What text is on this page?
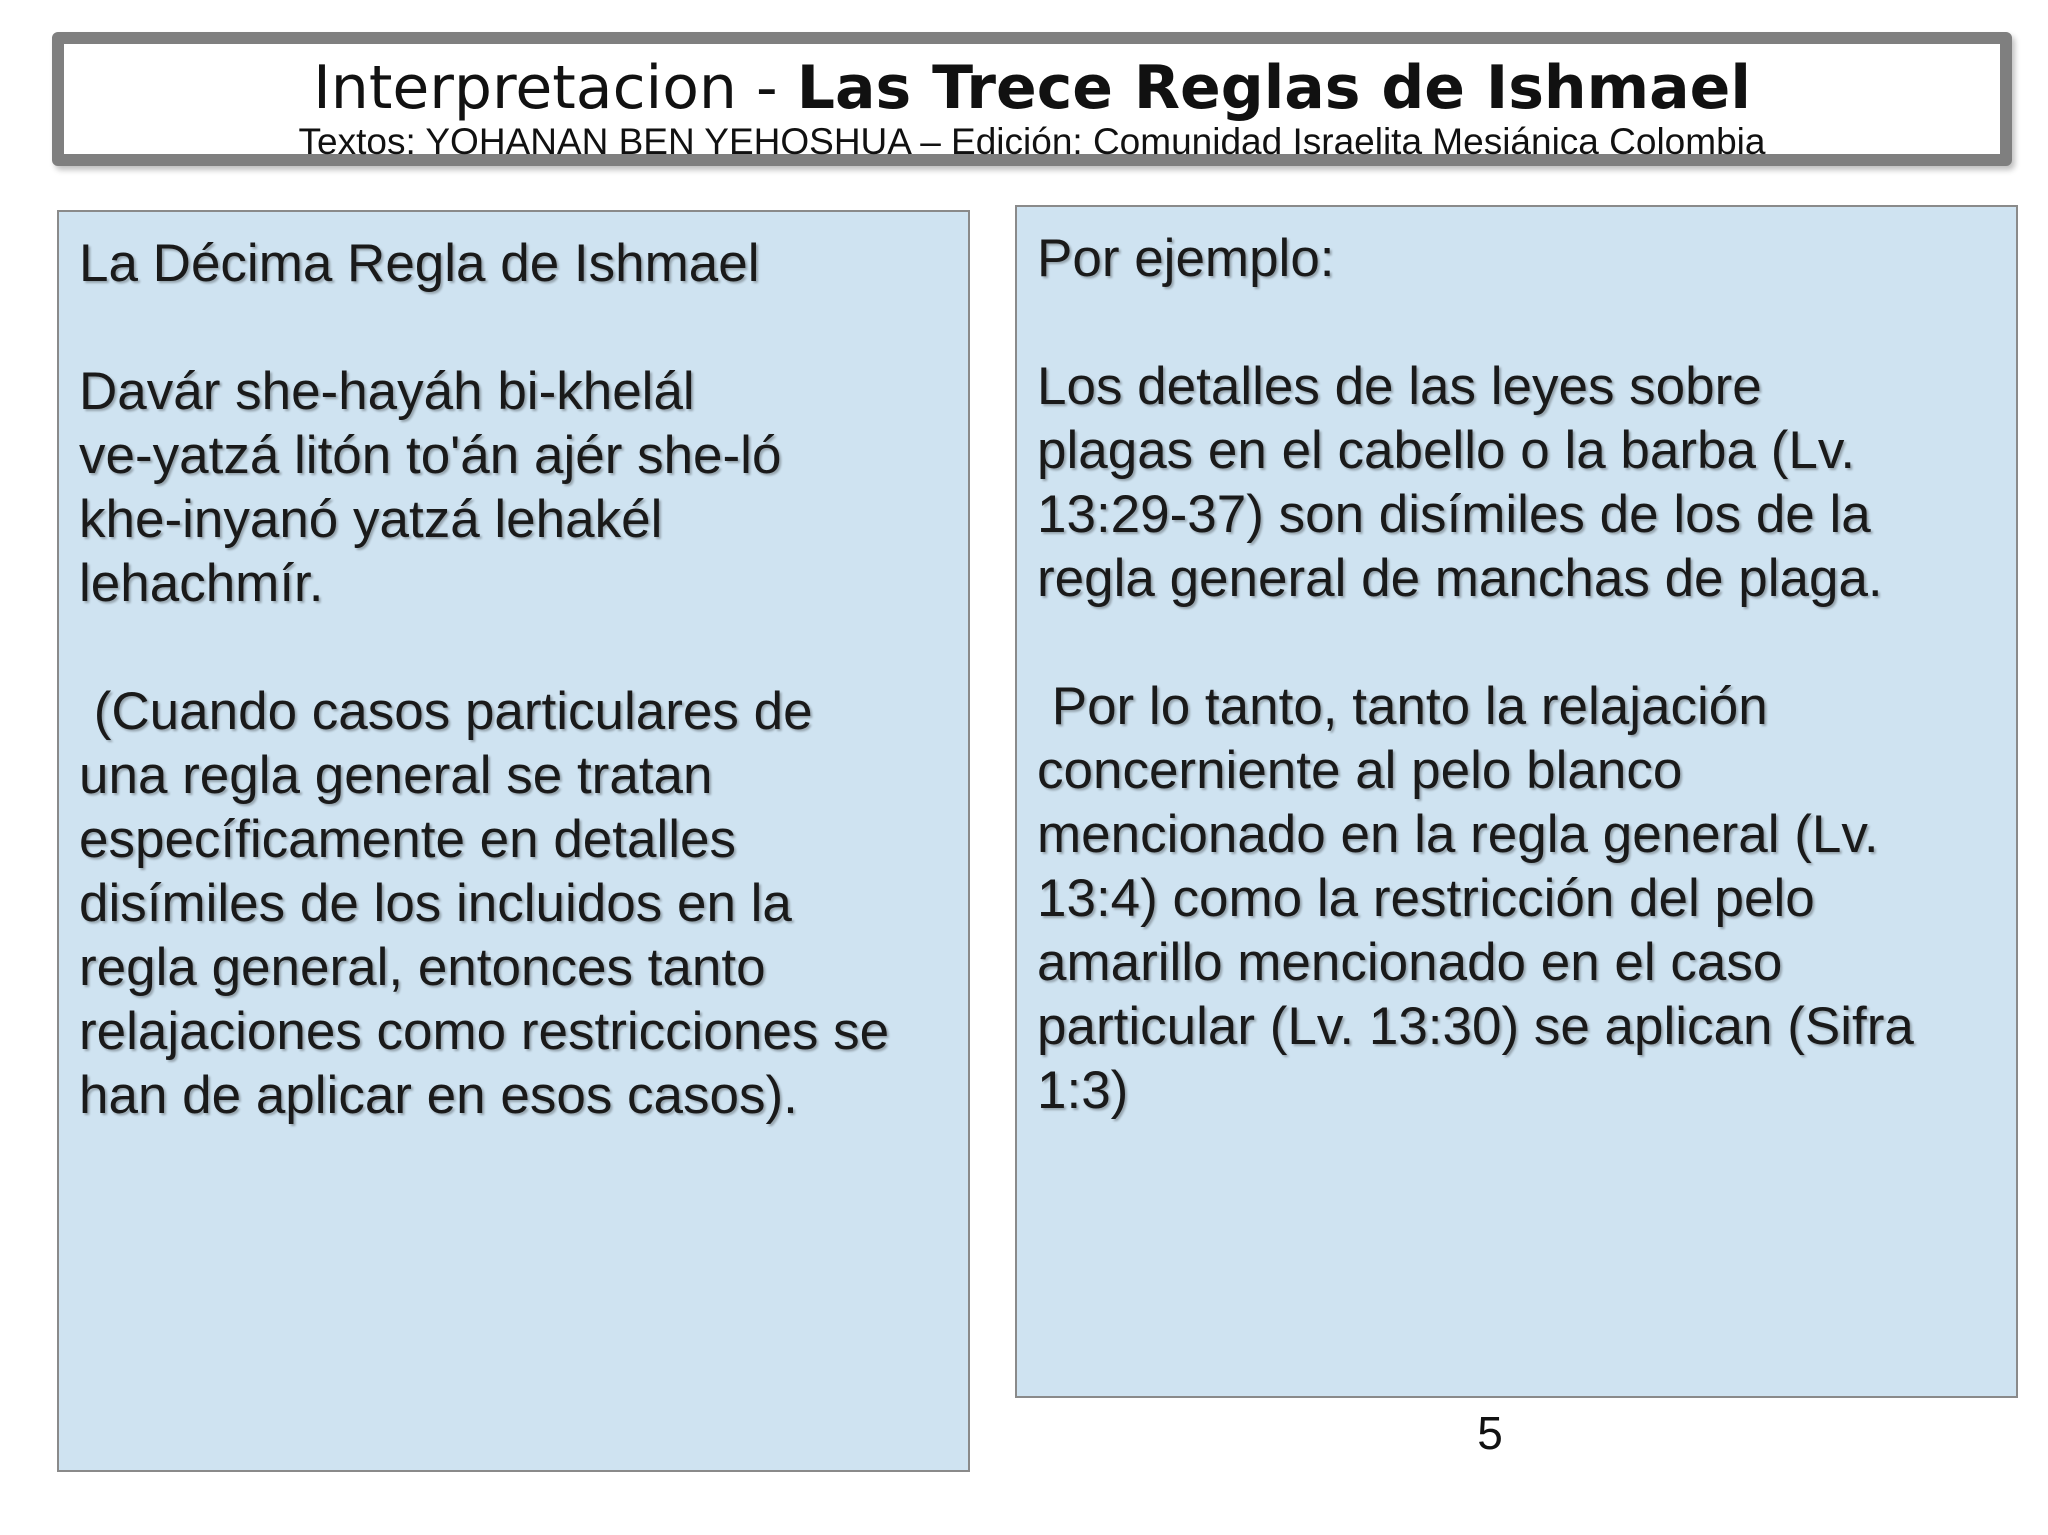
Interpretacion - Las Trece Reglas de Ishmael
Textos: YOHANAN BEN YEHOSHUA – Edición: Comunidad Israelita Mesiánica Colombia

La Décima Regla de Ishmael

Davár she-hayáh bi-khelál
ve-yatzá litón to'án ajér she-ló
khe-inyanó yatzá lehakél
lehachmír.

(Cuando casos particulares de
una regla general se tratan
específicamente en detalles
disímiles de los incluidos en la
regla general, entonces tanto
relajaciones como restricciones se
han de aplicar en esos casos).

Por ejemplo:

Los detalles de las leyes sobre
plagas en el cabello o la barba (Lv.
13:29-37) son disímiles de los de la
regla general de manchas de plaga.

Por lo tanto, tanto la relajación
concerniente al pelo blanco
mencionado en la regla general (Lv.
13:4) como la restricción del pelo
amarillo mencionado en el caso
particular (Lv. 13:30) se aplican (Sifra
1:3)

5
